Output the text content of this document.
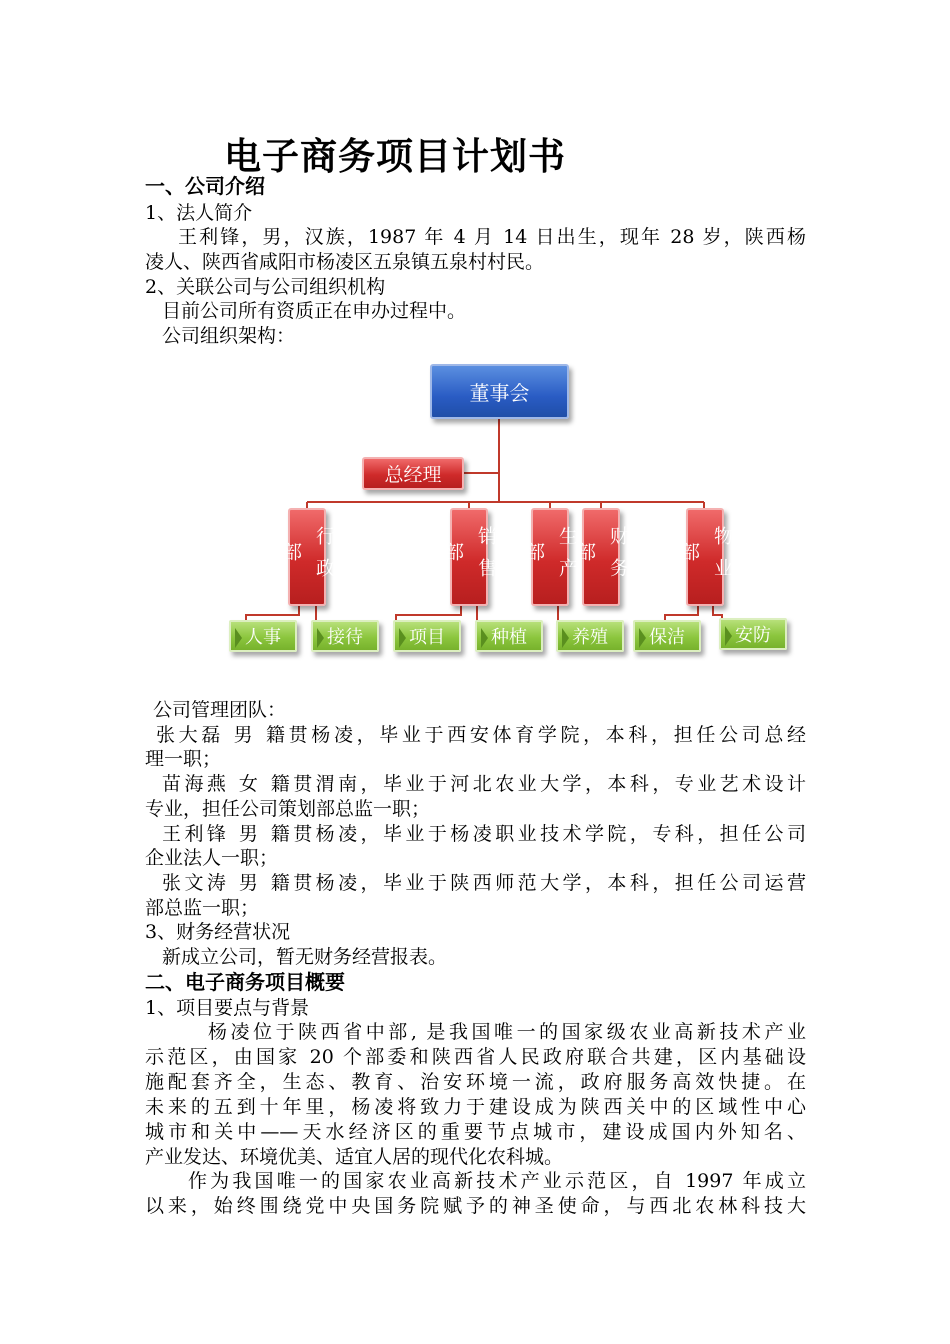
电子商务项目计划书
一、公司介绍
1、法人简介
王利锋，男，汉族，1987 年 4 月 14 日出生，现年 28 岁，陕西杨
凌人、陕西省咸阳市杨凌区五泉镇五泉村村民。
2、关联公司与公司组织机构
目前公司所有资质正在申办过程中。
公司组织架构：
董事会
总经理
行政部	销售部	生产部	财务部	物业部
人事	接待	项目	种植	养殖 保洁	安防
公司管理团队：
张大磊 男 籍贯杨凌，毕业于西安体育学院，本科，担任公司总经
理一职；
苗海燕 女 籍贯渭南，毕业于河北农业大学，本科，专业艺术设计
专业，担任公司策划部总监一职；
王利锋 男 籍贯杨凌，毕业于杨凌职业技术学院，专科，担任公司
企业法人一职；
张文涛 男 籍贯杨凌，毕业于陕西师范大学，本科，担任公司运营
部总监一职；
3、财务经营状况
新成立公司，暂无财务经营报表。
二、电子商务项目概要
1、项目要点与背景
杨凌位于陕西省中部, 是我国唯一的国家级农业高新技术产业
示范区，由国家 20 个部委和陕西省人民政府联合共建，区内基础设
施配套齐全，生态、教育、治安环境一流，政府服务高效快捷。在
未来的五到十年里，杨凌将致力于建设成为陕西关中的区域性中心
城市和关中——天水经济区的重要节点城市，建设成国内外知名、
产业发达、环境优美、适宜人居的现代化农科城。
作为我国唯一的国家农业高新技术产业示范区，自 1997 年成立
以来，始终围绕党中央国务院赋予的神圣使命，与西北农林科技大
